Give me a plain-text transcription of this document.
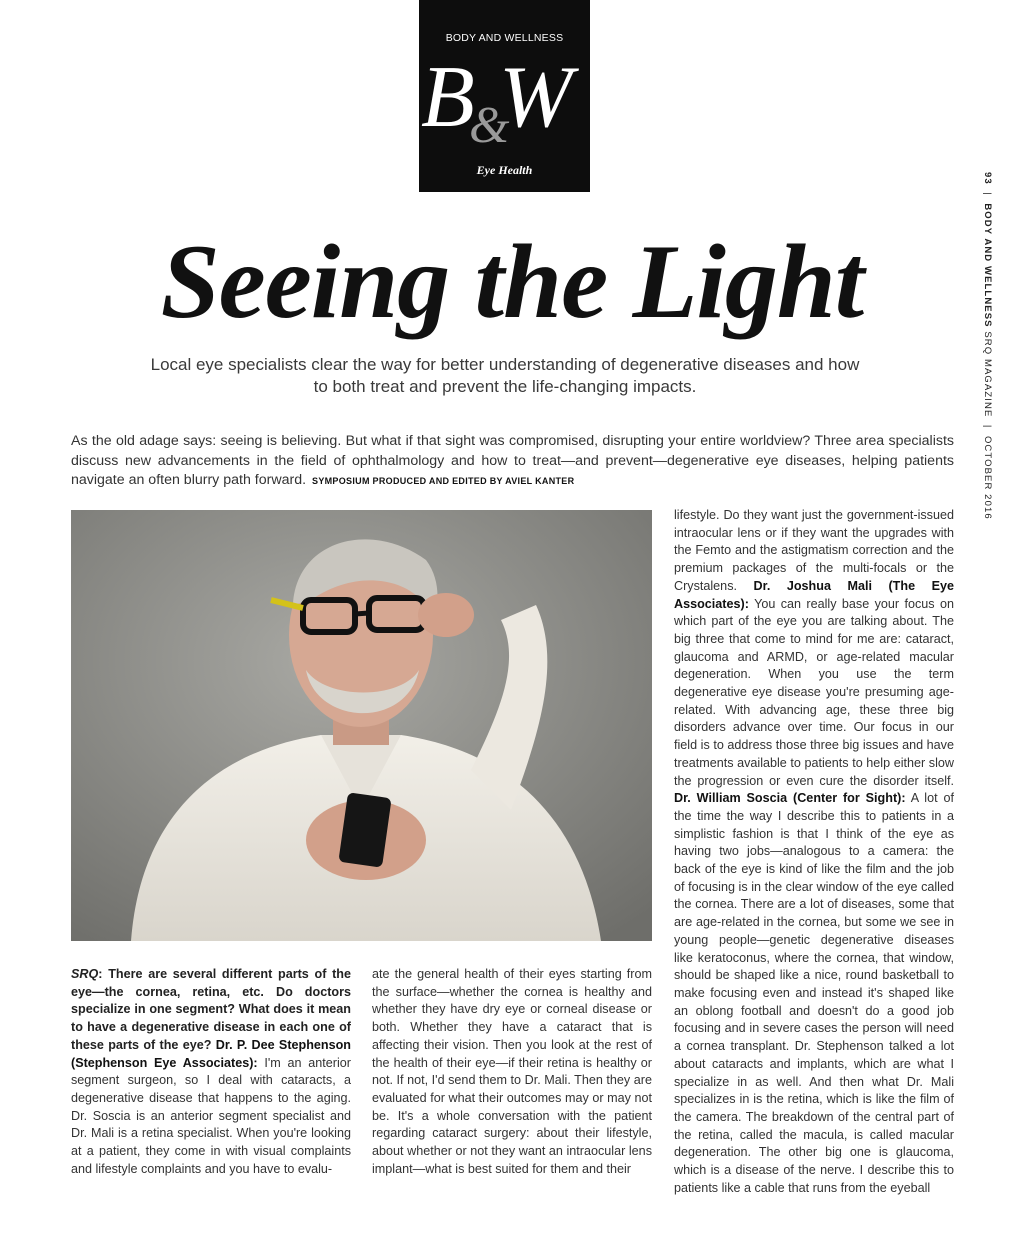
BODY AND WELLNESS
B
&
W
Eye Health
93  |  BODY AND WELLNESS SRQ MAGAZINE  |  OCTOBER 2016
Seeing the Light

Local eye specialists clear the way for better understanding of degenerative diseases and how to both treat and prevent the life-changing impacts.

As the old adage says: seeing is believing. But what if that sight was compromised, disrupting your entire worldview? Three area specialists discuss new advancements in the field of ophthalmology and how to treat—and prevent—degenerative eye diseases, helping patients navigate an often blurry path forward. SYMPOSIUM PRODUCED AND EDITED BY AVIEL KANTER

SRQ: There are several different parts of the eye—the cornea, retina, etc. Do doctors specialize in one segment? What does it mean to have a degenerative disease in each one of these parts of the eye? Dr. P. Dee Stephenson (Stephenson Eye Associates): I'm an anterior segment surgeon, so I deal with cataracts, a degenerative disease that happens to the aging. Dr. Soscia is an anterior segment specialist and Dr. Mali is a retina specialist. When you're looking at a patient, they come in with visual complaints and lifestyle complaints and you have to evalu-
ate the general health of their eyes starting from the surface—whether the cornea is healthy and whether they have dry eye or corneal disease or both. Whether they have a cataract that is affecting their vision. Then you look at the rest of the health of their eye—if their retina is healthy or not. If not, I'd send them to Dr. Mali. Then they are evaluated for what their outcomes may or may not be. It's a whole conversation with the patient regarding cataract surgery: about their lifestyle, about whether or not they want an intraocular lens implant—what is best suited for them and their
lifestyle. Do they want just the government-issued intraocular lens or if they want the upgrades with the Femto and the astigmatism correction and the premium packages of the multi-focals or the Crystalens. Dr. Joshua Mali (The Eye Associates): You can really base your focus on which part of the eye you are talking about. The big three that come to mind for me are: cataract, glaucoma and ARMD, or age-related macular degeneration. When you use the term degenerative eye disease you're presuming age-related. With advancing age, these three big disorders advance over time. Our focus in our field is to address those three big issues and have treatments available to patients to help either slow the progression or even cure the disorder itself. Dr. William Soscia (Center for Sight): A lot of the time the way I describe this to patients in a simplistic fashion is that I think of the eye as having two jobs—analogous to a camera: the back of the eye is kind of like the film and the job of focusing is in the clear window of the eye called the cornea. There are a lot of diseases, some that are age-related in the cornea, but some we see in young people—genetic degenerative diseases like keratoconus, where the cornea, that window, should be shaped like a nice, round basketball to make focusing even and instead it's shaped like an oblong football and doesn't do a good job focusing and in severe cases the person will need a cornea transplant. Dr. Stephenson talked a lot about cataracts and implants, which are what I specialize in as well. And then what Dr. Mali specializes in is the retina, which is like the film of the camera. The breakdown of the central part of the retina, called the macula, is called macular degeneration. The other big one is glaucoma, which is a disease of the nerve. I describe this to patients like a cable that runs from the eyeball
